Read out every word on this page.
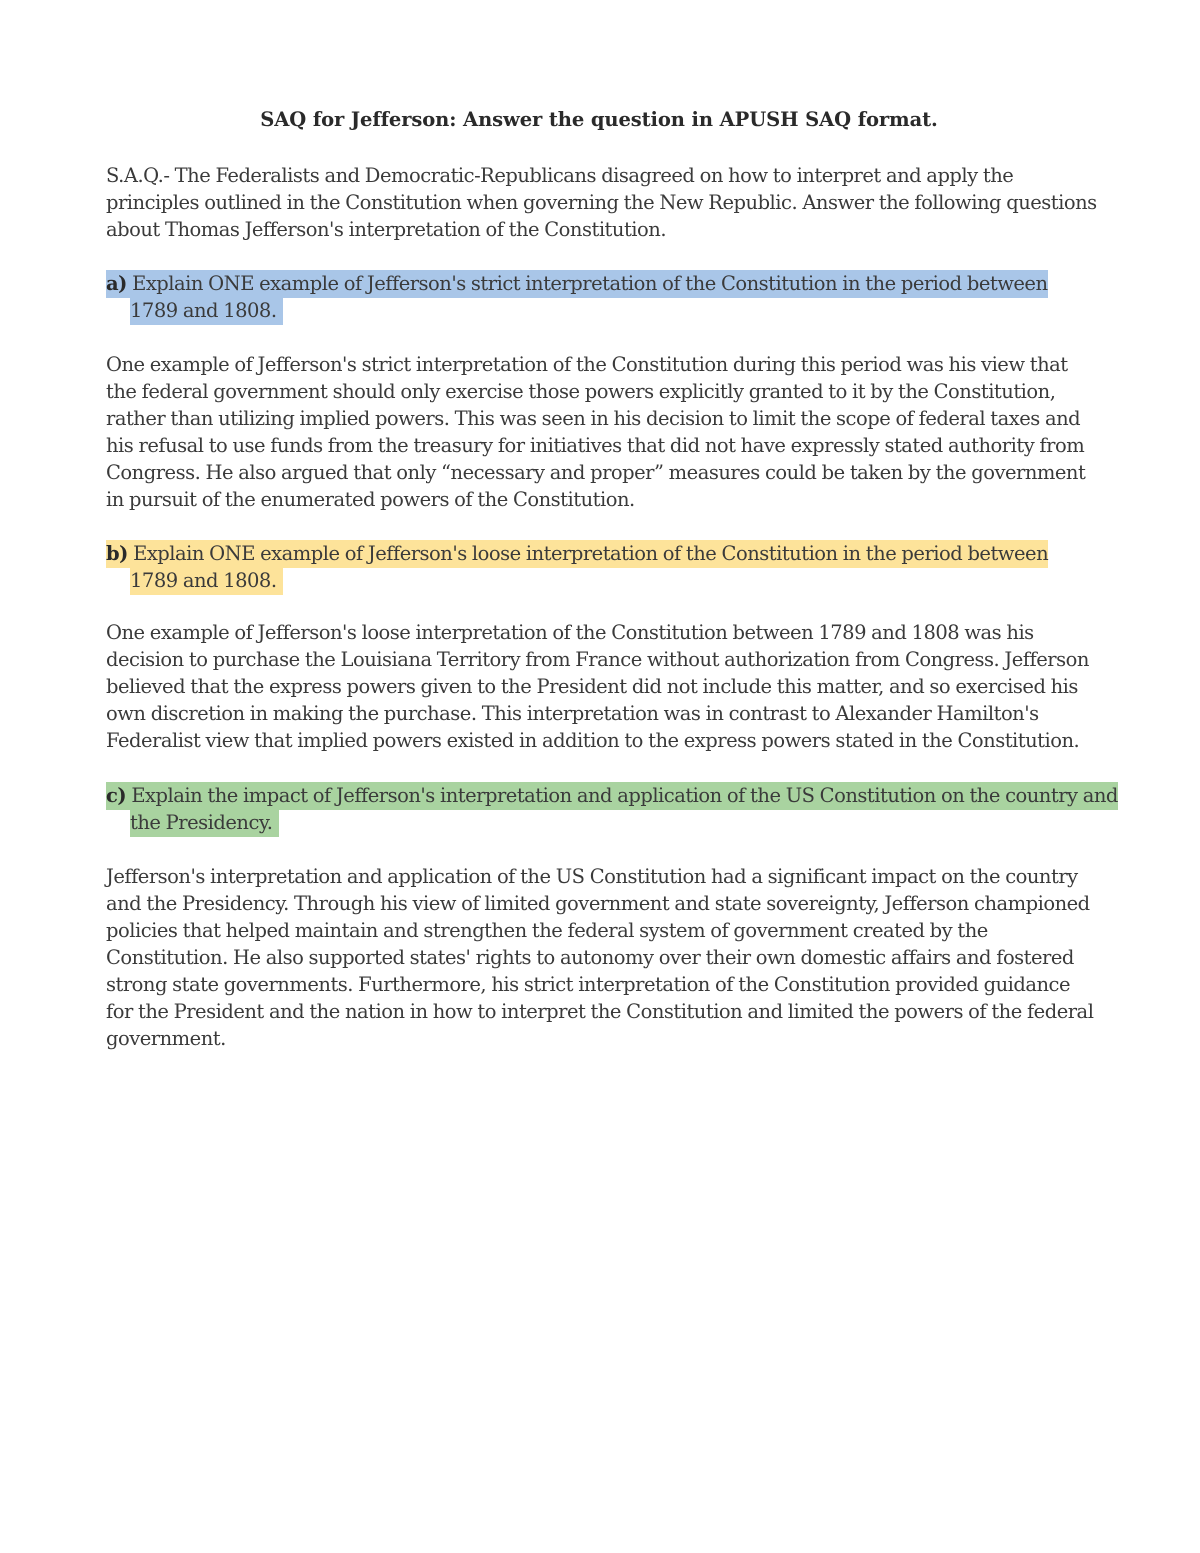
SAQ for Jefferson: Answer the question in APUSH SAQ format.

S.A.Q.- The Federalists and Democratic-Republicans disagreed on how to interpret and apply the principles outlined in the Constitution when governing the New Republic. Answer the following questions about Thomas Jefferson's interpretation of the Constitution.

a) Explain ONE example of Jefferson's strict interpretation of the Constitution in the period between 1789 and 1808.

One example of Jefferson's strict interpretation of the Constitution during this period was his view that the federal government should only exercise those powers explicitly granted to it by the Constitution, rather than utilizing implied powers. This was seen in his decision to limit the scope of federal taxes and his refusal to use funds from the treasury for initiatives that did not have expressly stated authority from Congress. He also argued that only “necessary and proper” measures could be taken by the government in pursuit of the enumerated powers of the Constitution.

b) Explain ONE example of Jefferson's loose interpretation of the Constitution in the period between 1789 and 1808.

One example of Jefferson's loose interpretation of the Constitution between 1789 and 1808 was his decision to purchase the Louisiana Territory from France without authorization from Congress. Jefferson believed that the express powers given to the President did not include this matter, and so exercised his own discretion in making the purchase. This interpretation was in contrast to Alexander Hamilton's Federalist view that implied powers existed in addition to the express powers stated in the Constitution.

c) Explain the impact of Jefferson's interpretation and application of the US Constitution on the country and the Presidency.

Jefferson's interpretation and application of the US Constitution had a significant impact on the country and the Presidency. Through his view of limited government and state sovereignty, Jefferson championed policies that helped maintain and strengthen the federal system of government created by the Constitution. He also supported states' rights to autonomy over their own domestic affairs and fostered strong state governments. Furthermore, his strict interpretation of the Constitution provided guidance for the President and the nation in how to interpret the Constitution and limited the powers of the federal government.
